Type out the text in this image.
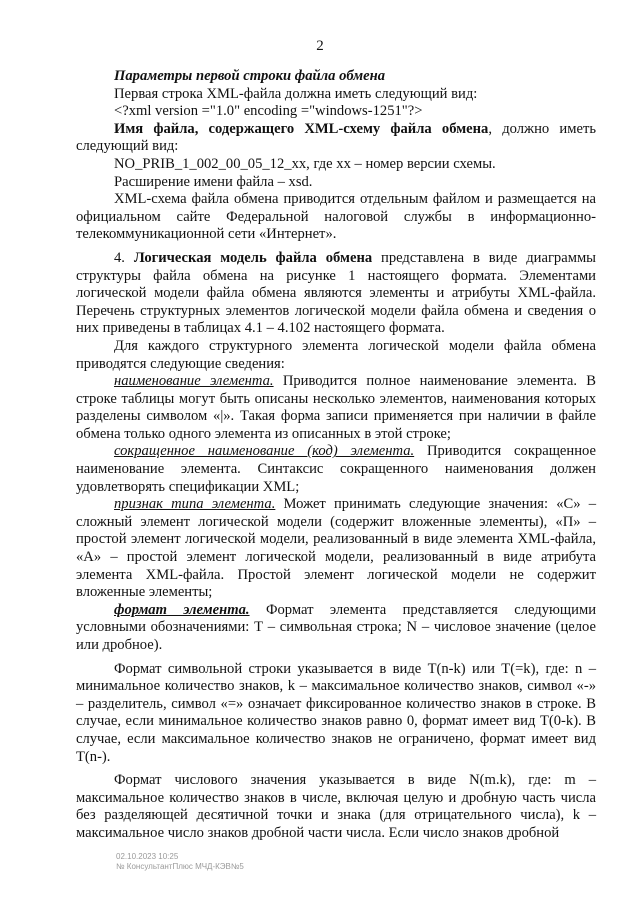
2

Параметры первой строки файла обмена

Первая строка XML-файла должна иметь следующий вид:

<?xml version ="1.0" encoding ="windows-1251"?>

Имя файла, содержащего XML-схему файла обмена, должно иметь следующий вид:

NO_PRIB_1_002_00_05_12_xx, где xx – номер версии схемы.

Расширение имени файла – xsd.

XML-схема файла обмена приводится отдельным файлом и размещается на официальном сайте Федеральной налоговой службы в информационно-телекоммуникационной сети «Интернет».

4. Логическая модель файла обмена представлена в виде диаграммы структуры файла обмена на рисунке 1 настоящего формата. Элементами логической модели файла обмена являются элементы и атрибуты XML-файла. Перечень структурных элементов логической модели файла обмена и сведения о них приведены в таблицах 4.1 – 4.102 настоящего формата.

Для каждого структурного элемента логической модели файла обмена приводятся следующие сведения:

наименование элемента. Приводится полное наименование элемента. В строке таблицы могут быть описаны несколько элементов, наименования которых разделены символом «|». Такая форма записи применяется при наличии в файле обмена только одного элемента из описанных в этой строке;

сокращенное наименование (код) элемента. Приводится сокращенное наименование элемента. Синтаксис сокращенного наименования должен удовлетворять спецификации XML;

признак типа элемента. Может принимать следующие значения: «С» – сложный элемент логической модели (содержит вложенные элементы), «П» – простой элемент логической модели, реализованный в виде элемента XML-файла, «А» – простой элемент логической модели, реализованный в виде атрибута элемента XML-файла. Простой элемент логической модели не содержит вложенные элементы;

формат элемента. Формат элемента представляется следующими условными обозначениями: Т – символьная строка; N – числовое значение (целое или дробное).

Формат символьной строки указывается в виде Т(n-k) или Т(=k), где: n – минимальное количество знаков, k – максимальное количество знаков, символ «-» – разделитель, символ «=» означает фиксированное количество знаков в строке. В случае, если минимальное количество знаков равно 0, формат имеет вид Т(0-k). В случае, если максимальное количество знаков не ограничено, формат имеет вид Т(n-).

Формат числового значения указывается в виде N(m.k), где: m – максимальное количество знаков в числе, включая целую и дробную часть числа без разделяющей десятичной точки и знака (для отрицательного числа), k – максимальное число знаков дробной части числа. Если число знаков дробной

02.10.2023 10:25
№ КонсультантПлюс МЧД-КЭВ№5
